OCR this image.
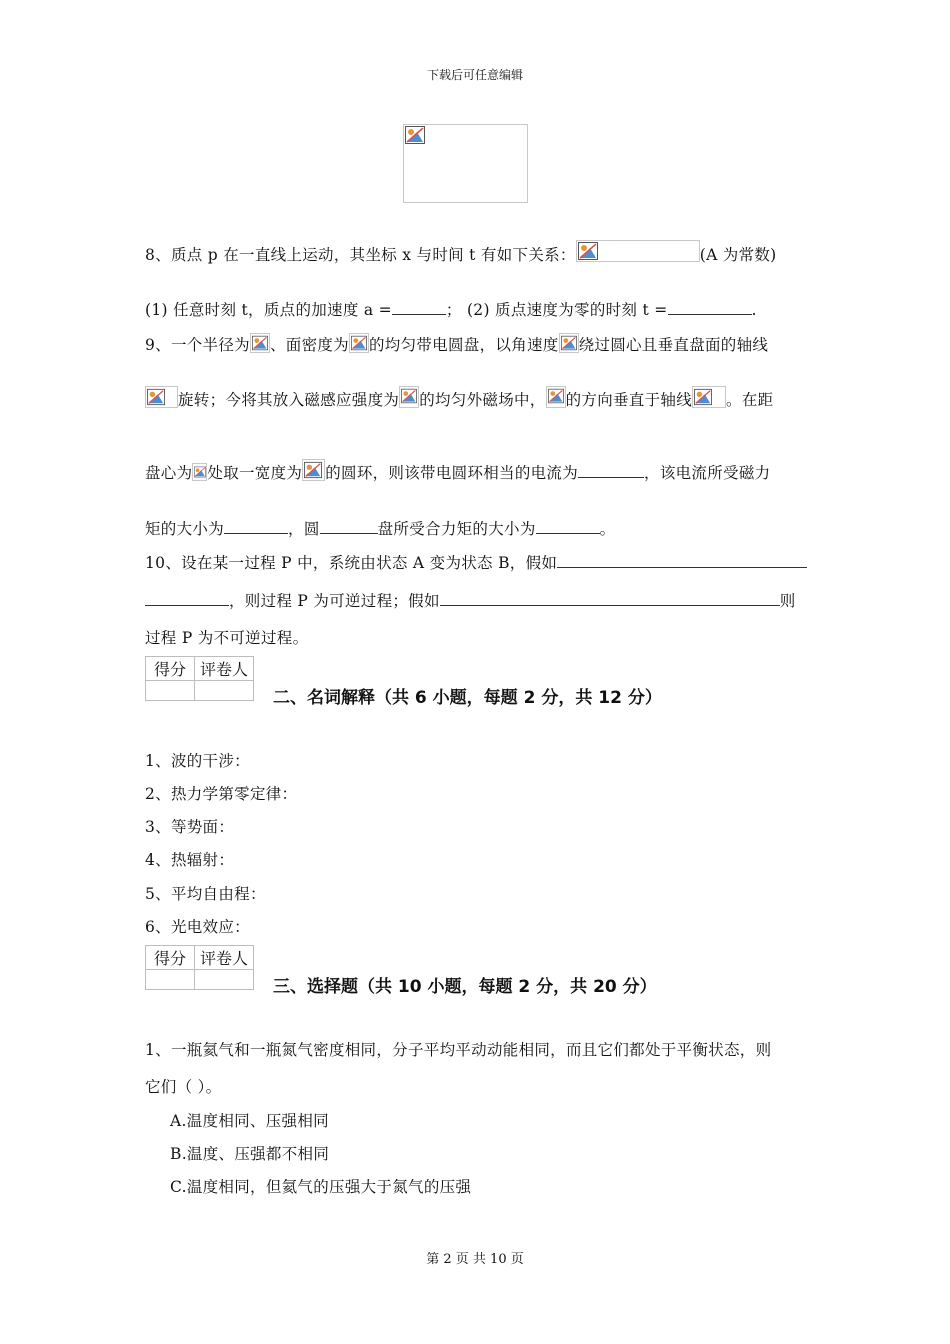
下载后可任意编辑
8、质点 p 在一直线上运动，其坐标 x 与时间 t 有如下关系：	(A 为常数)
(1) 任意时刻 t，质点的加速度 a =	； (2) 质点速度为零的时刻 t =	.
9、一个半径为 、面密度为 的均匀带电圆盘，以角速度 绕过圆心且垂直盘面的轴线
旋转；今将其放入磁感应强度为 的均匀外磁场中， 的方向垂直于轴线 。在距
盘心为 处取一宽度为 的圆环，则该带电圆环相当的电流为	，该电流所受磁力
矩的大小为	，圆	盘所受合力矩的大小为	。
10、设在某一过程 P 中，系统由状态 A 变为状态 B，假如
，则过程 P 为可逆过程；假如	则
过程 P 为不可逆过程。
得分	评卷人

二、名词解释（共 6 小题，每题 2 分，共 12 分）
1、波的干涉：
2、热力学第零定律：
3、等势面：
4、热辐射：
5、平均自由程：
6、光电效应：
得分	评卷人

三、选择题（共 10 小题，每题 2 分，共 20 分）
1、一瓶氦气和一瓶氮气密度相同，分子平均平动动能相同，而且它们都处于平衡状态，则
它们（ ）。
A.温度相同、压强相同
B.温度、压强都不相同
C.温度相同，但氦气的压强大于氮气的压强
第 2 页 共 10 页
